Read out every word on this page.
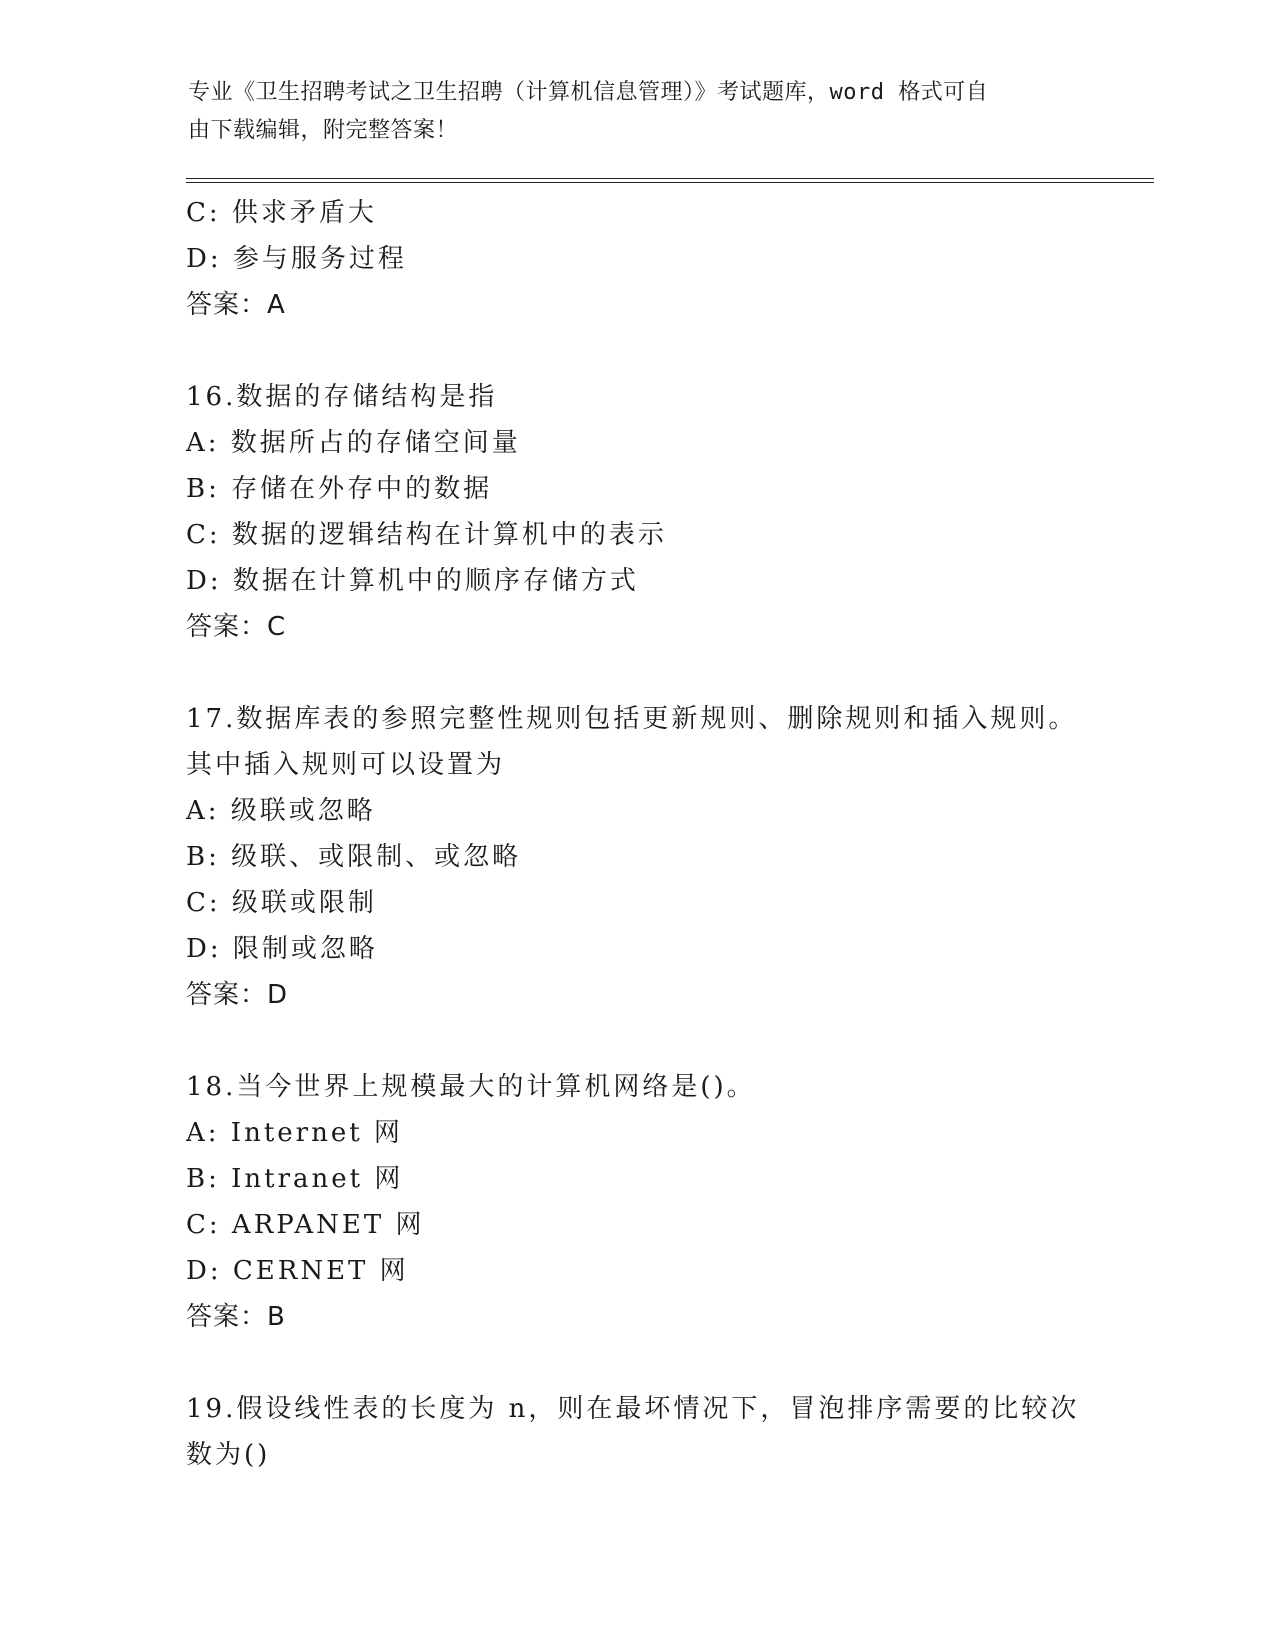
专业《卫生招聘考试之卫生招聘（计算机信息管理）》考试题库，word 格式可自
由下载编辑，附完整答案！
C: 供求矛盾大
D: 参与服务过程
答案：A
16.数据的存储结构是指
A: 数据所占的存储空间量
B: 存储在外存中的数据
C: 数据的逻辑结构在计算机中的表示
D: 数据在计算机中的顺序存储方式
答案：C
17.数据库表的参照完整性规则包括更新规则、删除规则和插入规则。
其中插入规则可以设置为
A: 级联或忽略
B: 级联、或限制、或忽略
C: 级联或限制
D: 限制或忽略
答案：D
18.当今世界上规模最大的计算机网络是()。
A: Internet 网
B: Intranet 网
C: ARPANET 网
D: CERNET 网
答案：B
19.假设线性表的长度为 n，则在最坏情况下，冒泡排序需要的比较次
数为()
